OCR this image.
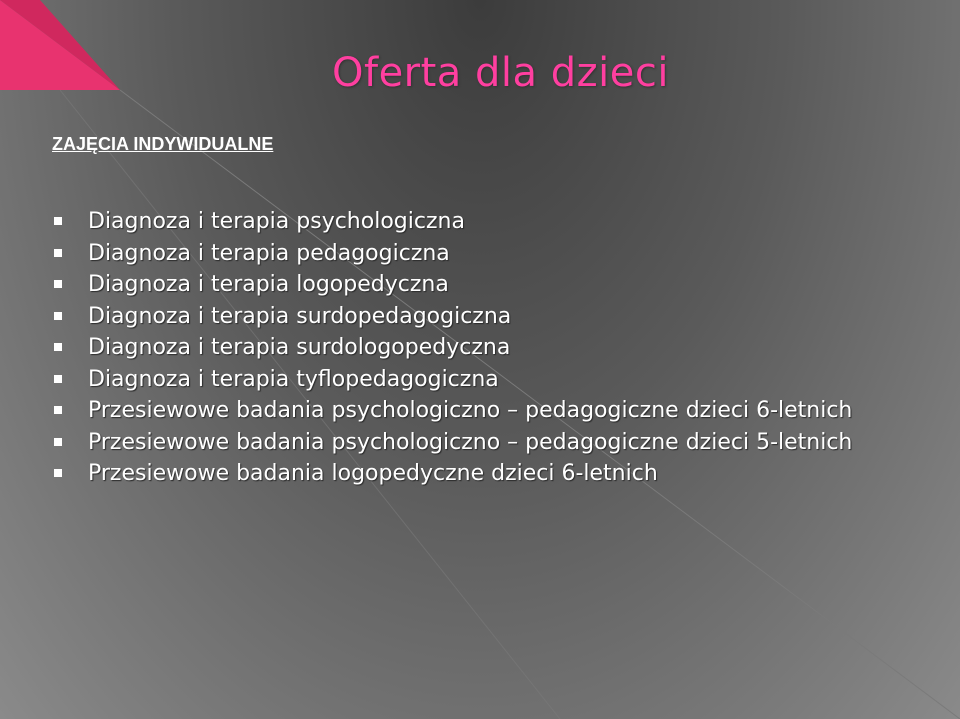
Oferta dla dzieci
ZAJĘCIA INDYWIDUALNE
Diagnoza i terapia psychologiczna
Diagnoza i terapia pedagogiczna
Diagnoza i terapia logopedyczna
Diagnoza i terapia surdopedagogiczna
Diagnoza i terapia surdologopedyczna
Diagnoza i terapia tyflopedagogiczna
Przesiewowe badania psychologiczno – pedagogiczne dzieci 6-letnich
Przesiewowe badania psychologiczno – pedagogiczne dzieci 5-letnich
Przesiewowe badania logopedyczne dzieci 6-letnich
